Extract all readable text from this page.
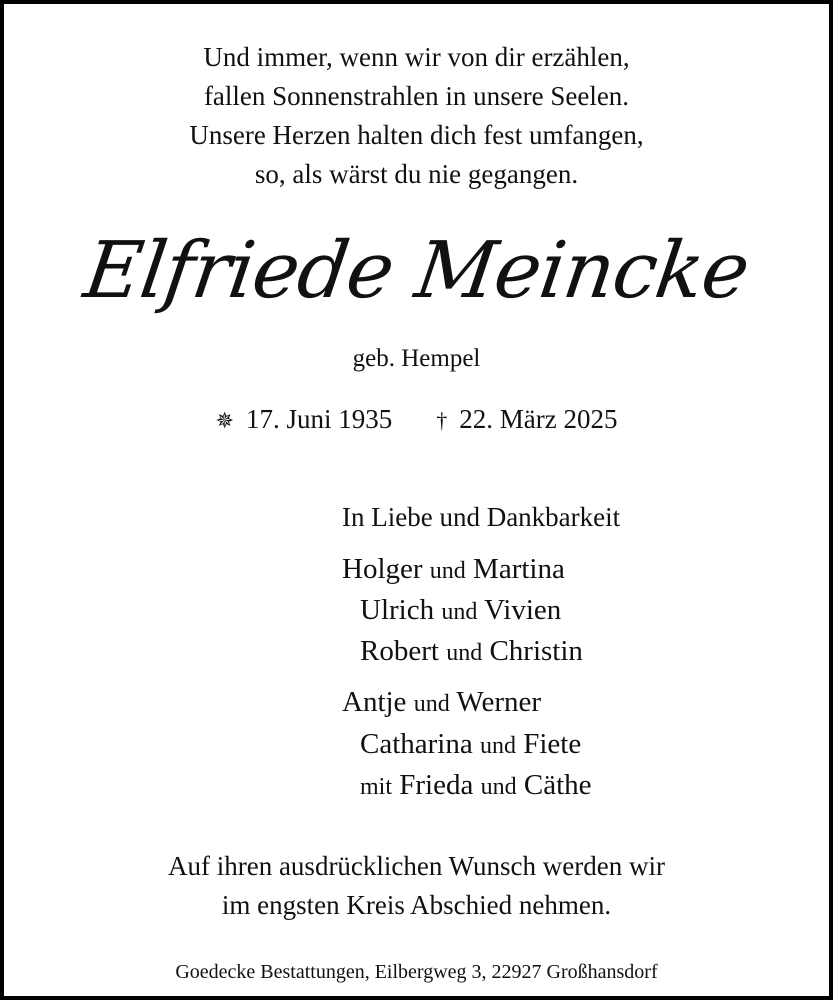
Und immer, wenn wir von dir erzählen,
fallen Sonnenstrahlen in unsere Seelen.
Unsere Herzen halten dich fest umfangen,
so, als wärst du nie gegangen.
Elfriede Meincke
geb. Hempel
✵ 17. Juni 1935 † 22. März 2025
In Liebe und Dankbarkeit
Holger und Martina
Ulrich und Vivien
Robert und Christin
Antje und Werner
Catharina und Fiete
mit Frieda und Cäthe
Auf ihren ausdrücklichen Wunsch werden wir
im engsten Kreis Abschied nehmen.
Goedecke Bestattungen, Eilbergweg 3, 22927 Großhansdorf
